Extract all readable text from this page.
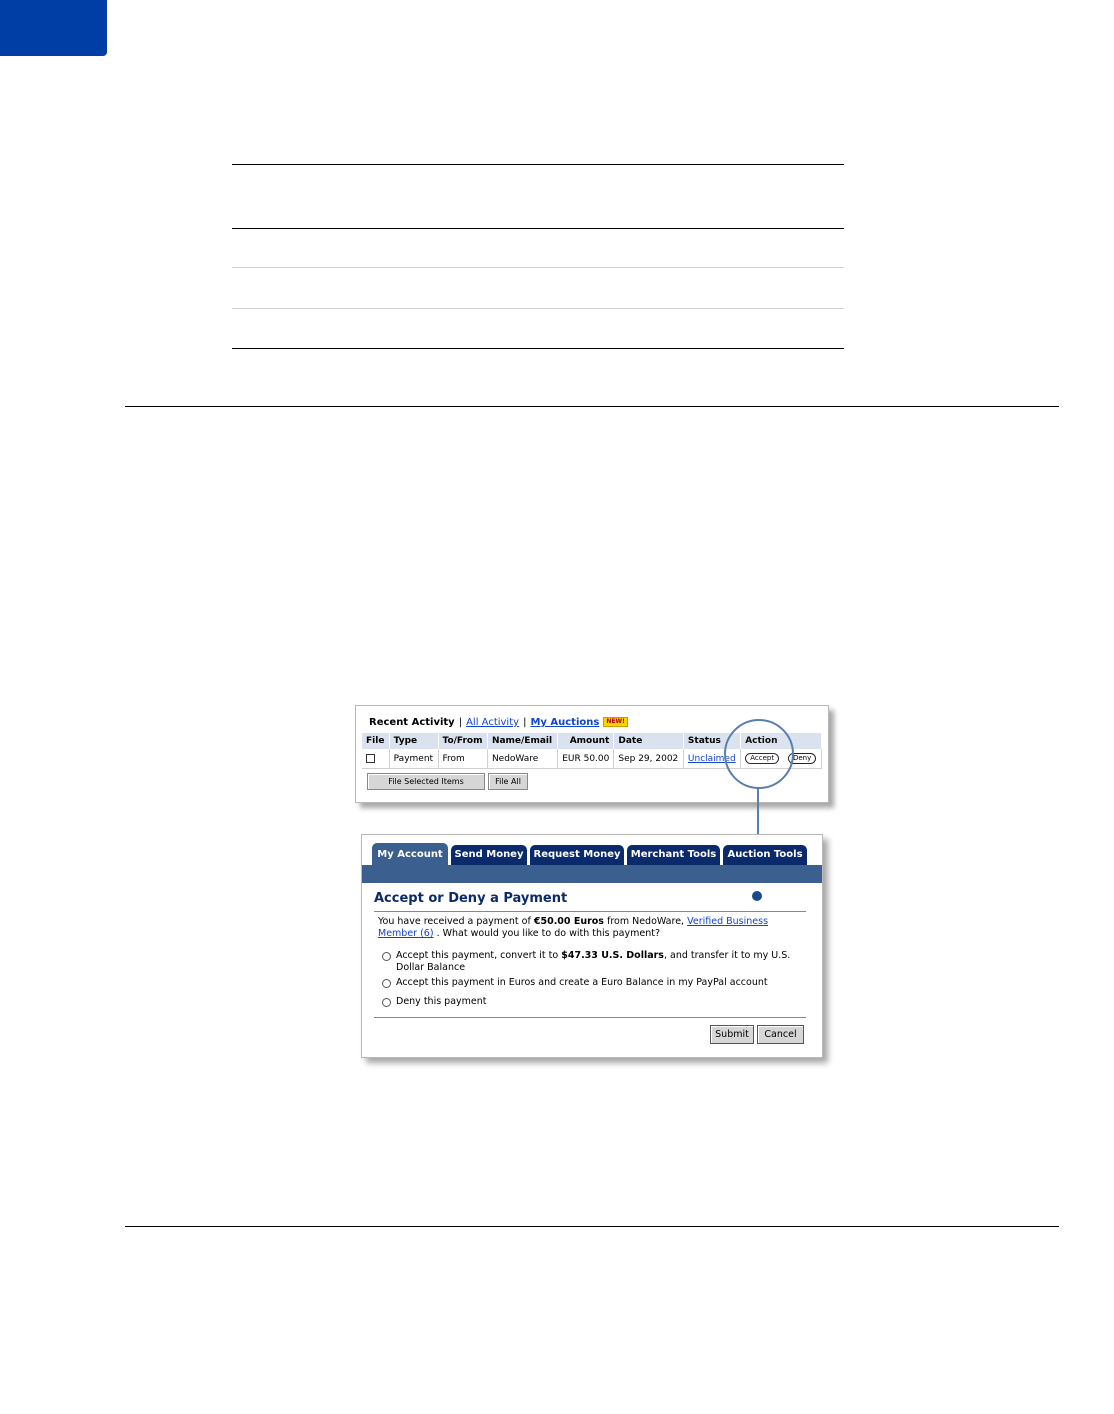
Recent Activity | All Activity | My Auctions NEW!
File	Type	To/From	Name/Email	Amount	Date	Status	Action
	Payment	From	NedoWare	EUR 50.00	Sep 29, 2002	Unclaimed	Accept Deny
File Selected Items	File All
My Account	Send Money	Request Money	Merchant Tools	Auction Tools
Accept or Deny a Payment
You have received a payment of €50.00 Euros from NedoWare, Verified Business Member (6) . What would you like to do with this payment?
Accept this payment, convert it to $47.33 U.S. Dollars, and transfer it to my U.S. Dollar Balance
Accept this payment in Euros and create a Euro Balance in my PayPal account
Deny this payment
Submit	Cancel
